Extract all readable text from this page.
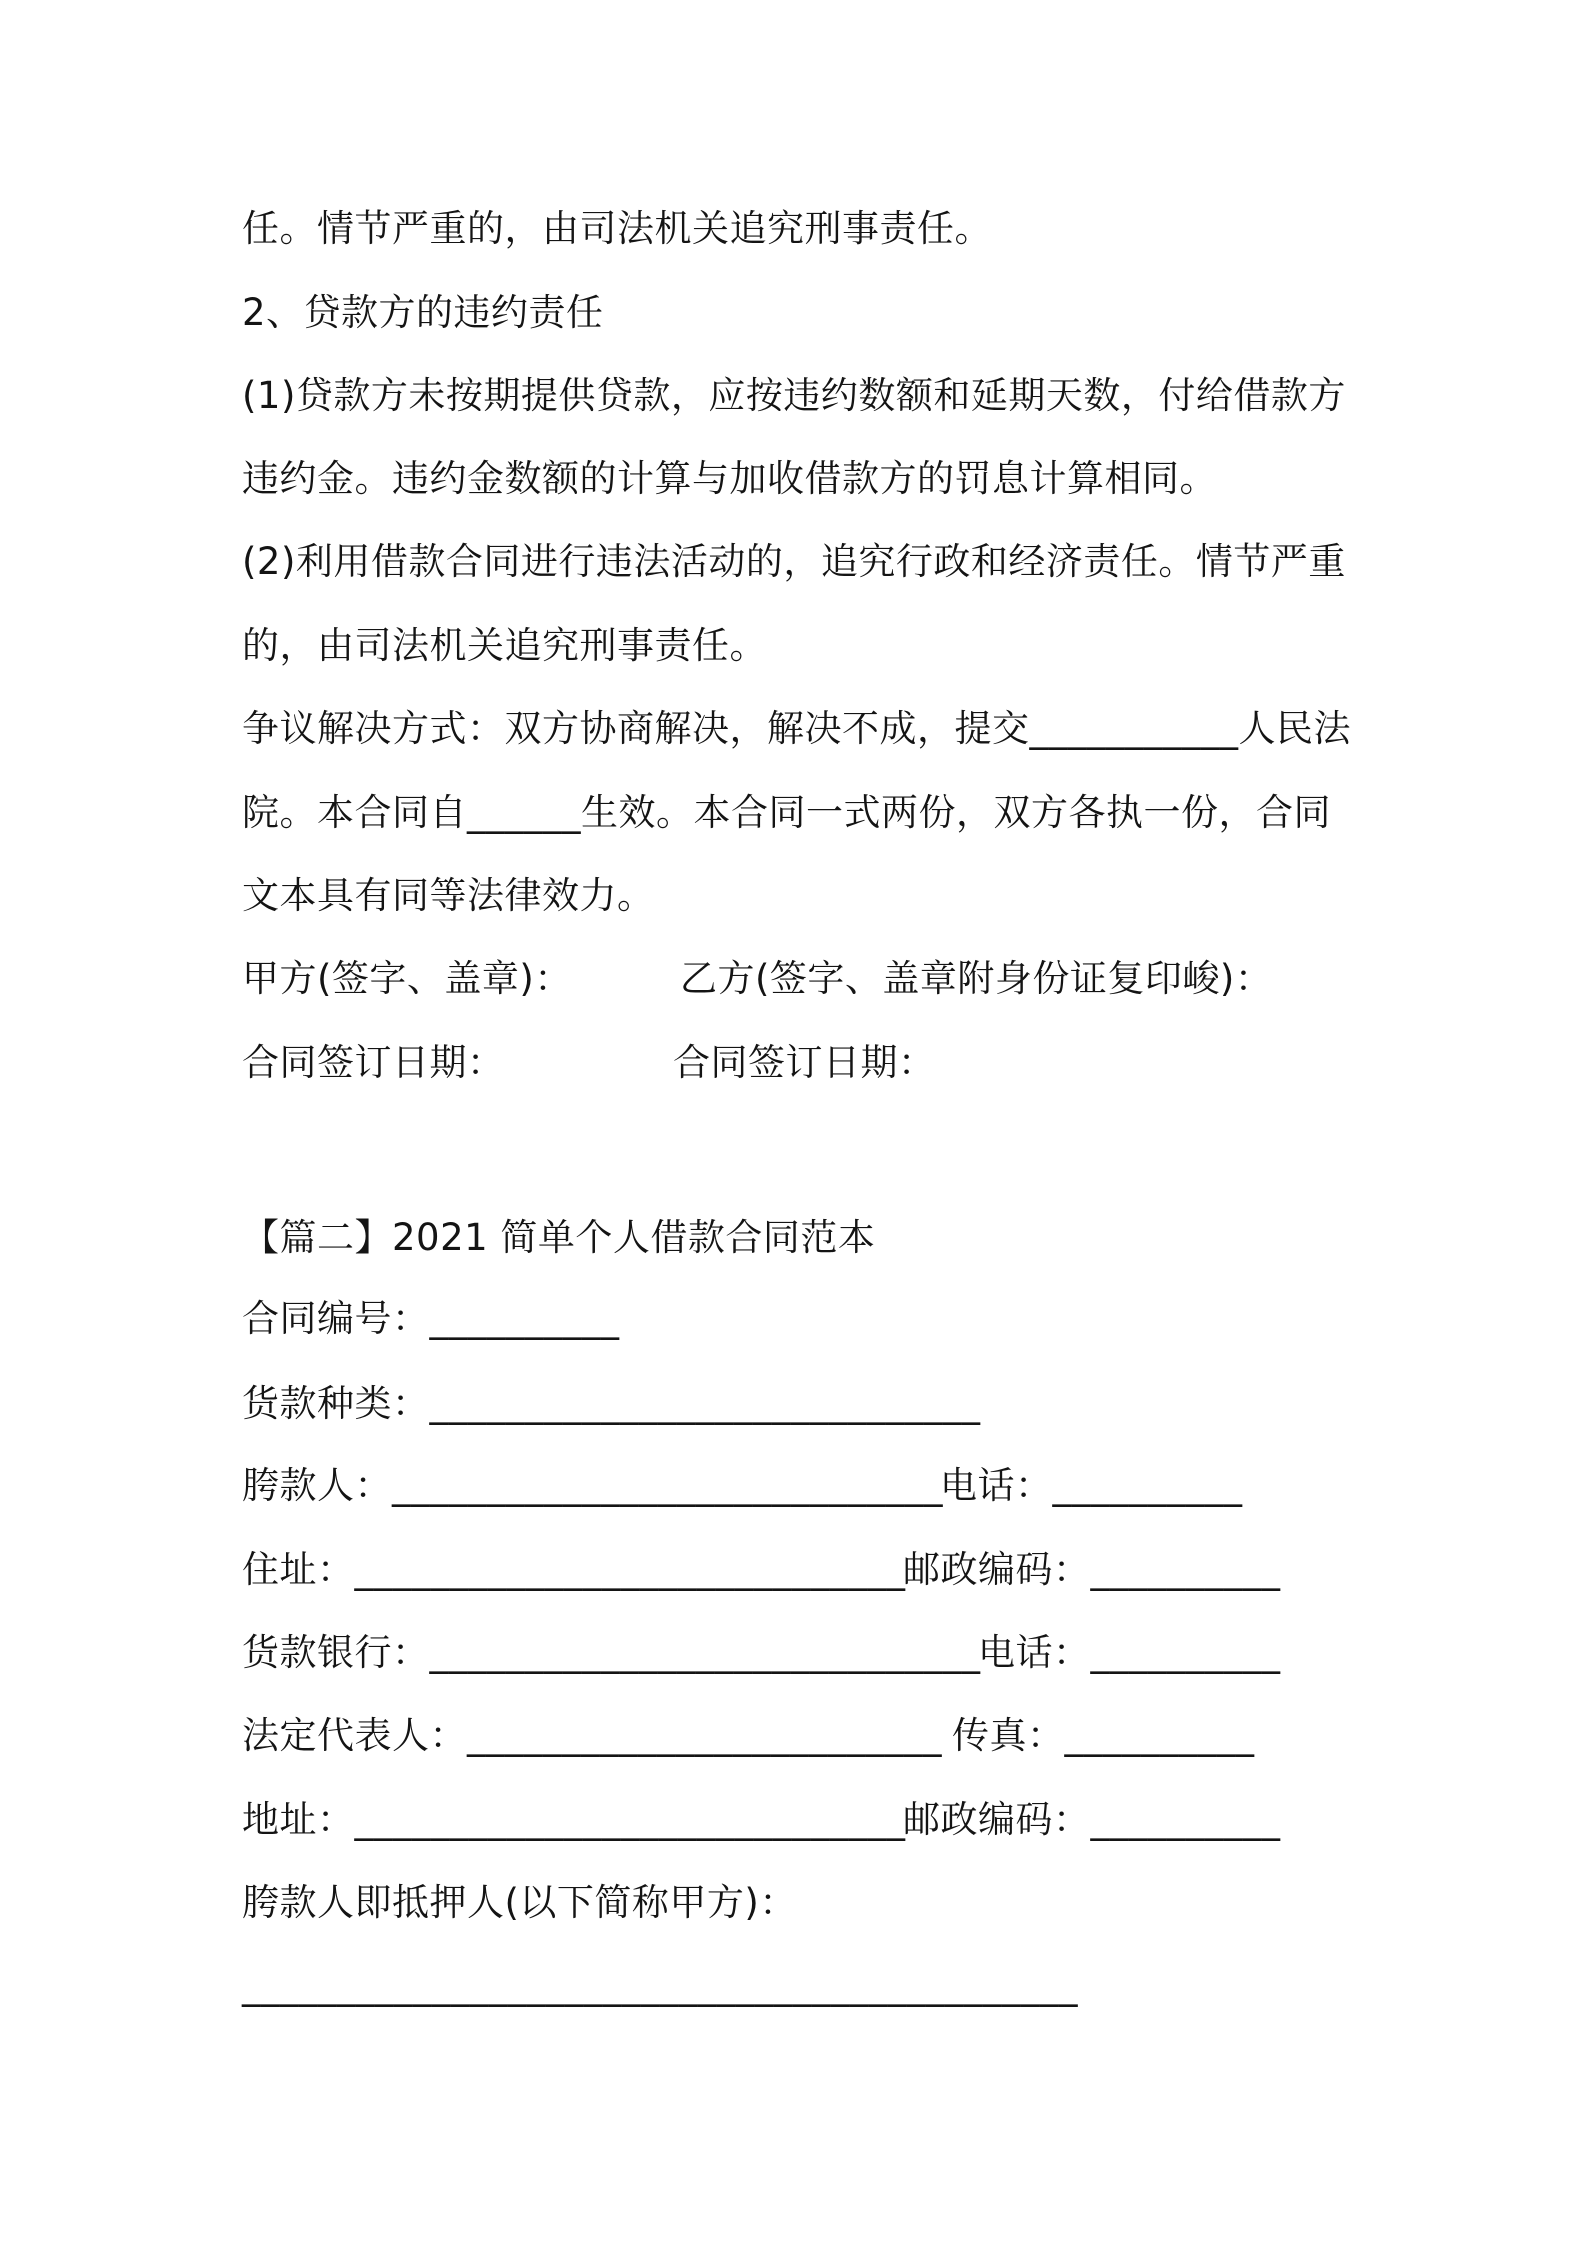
任。情节严重的，由司法机关追究刑事责任。
2、贷款方的违约责任
(1)贷款方未按期提供贷款，应按违约数额和延期天数，付给借款方
违约金。违约金数额的计算与加收借款方的罚息计算相同。
(2)利用借款合同进行违法活动的，追究行政和经济责任。情节严重
的，由司法机关追究刑事责任。
争议解决方式：双方协商解决，解决不成，提交___________人民法
院。本合同自______生效。本合同一式两份，双方各执一份，合同
文本具有同等法律效力。
甲方(签字、盖章)：	乙方(签字、盖章附身份证复印峻)：
合同签订日期：	合同签订日期：
【篇二】2021 简单个人借款合同范本
合同编号：__________
货款种类：_____________________________
胯款人：_____________________________
电话：__________
住址：_____________________________
邮政编码：__________
货款银行：_____________________________
电话：__________
法定代表人：_________________________ 传真：__________
地址：_____________________________
邮政编码：__________
胯款人即抵押人(以下简称甲方)：
____________________________________________
